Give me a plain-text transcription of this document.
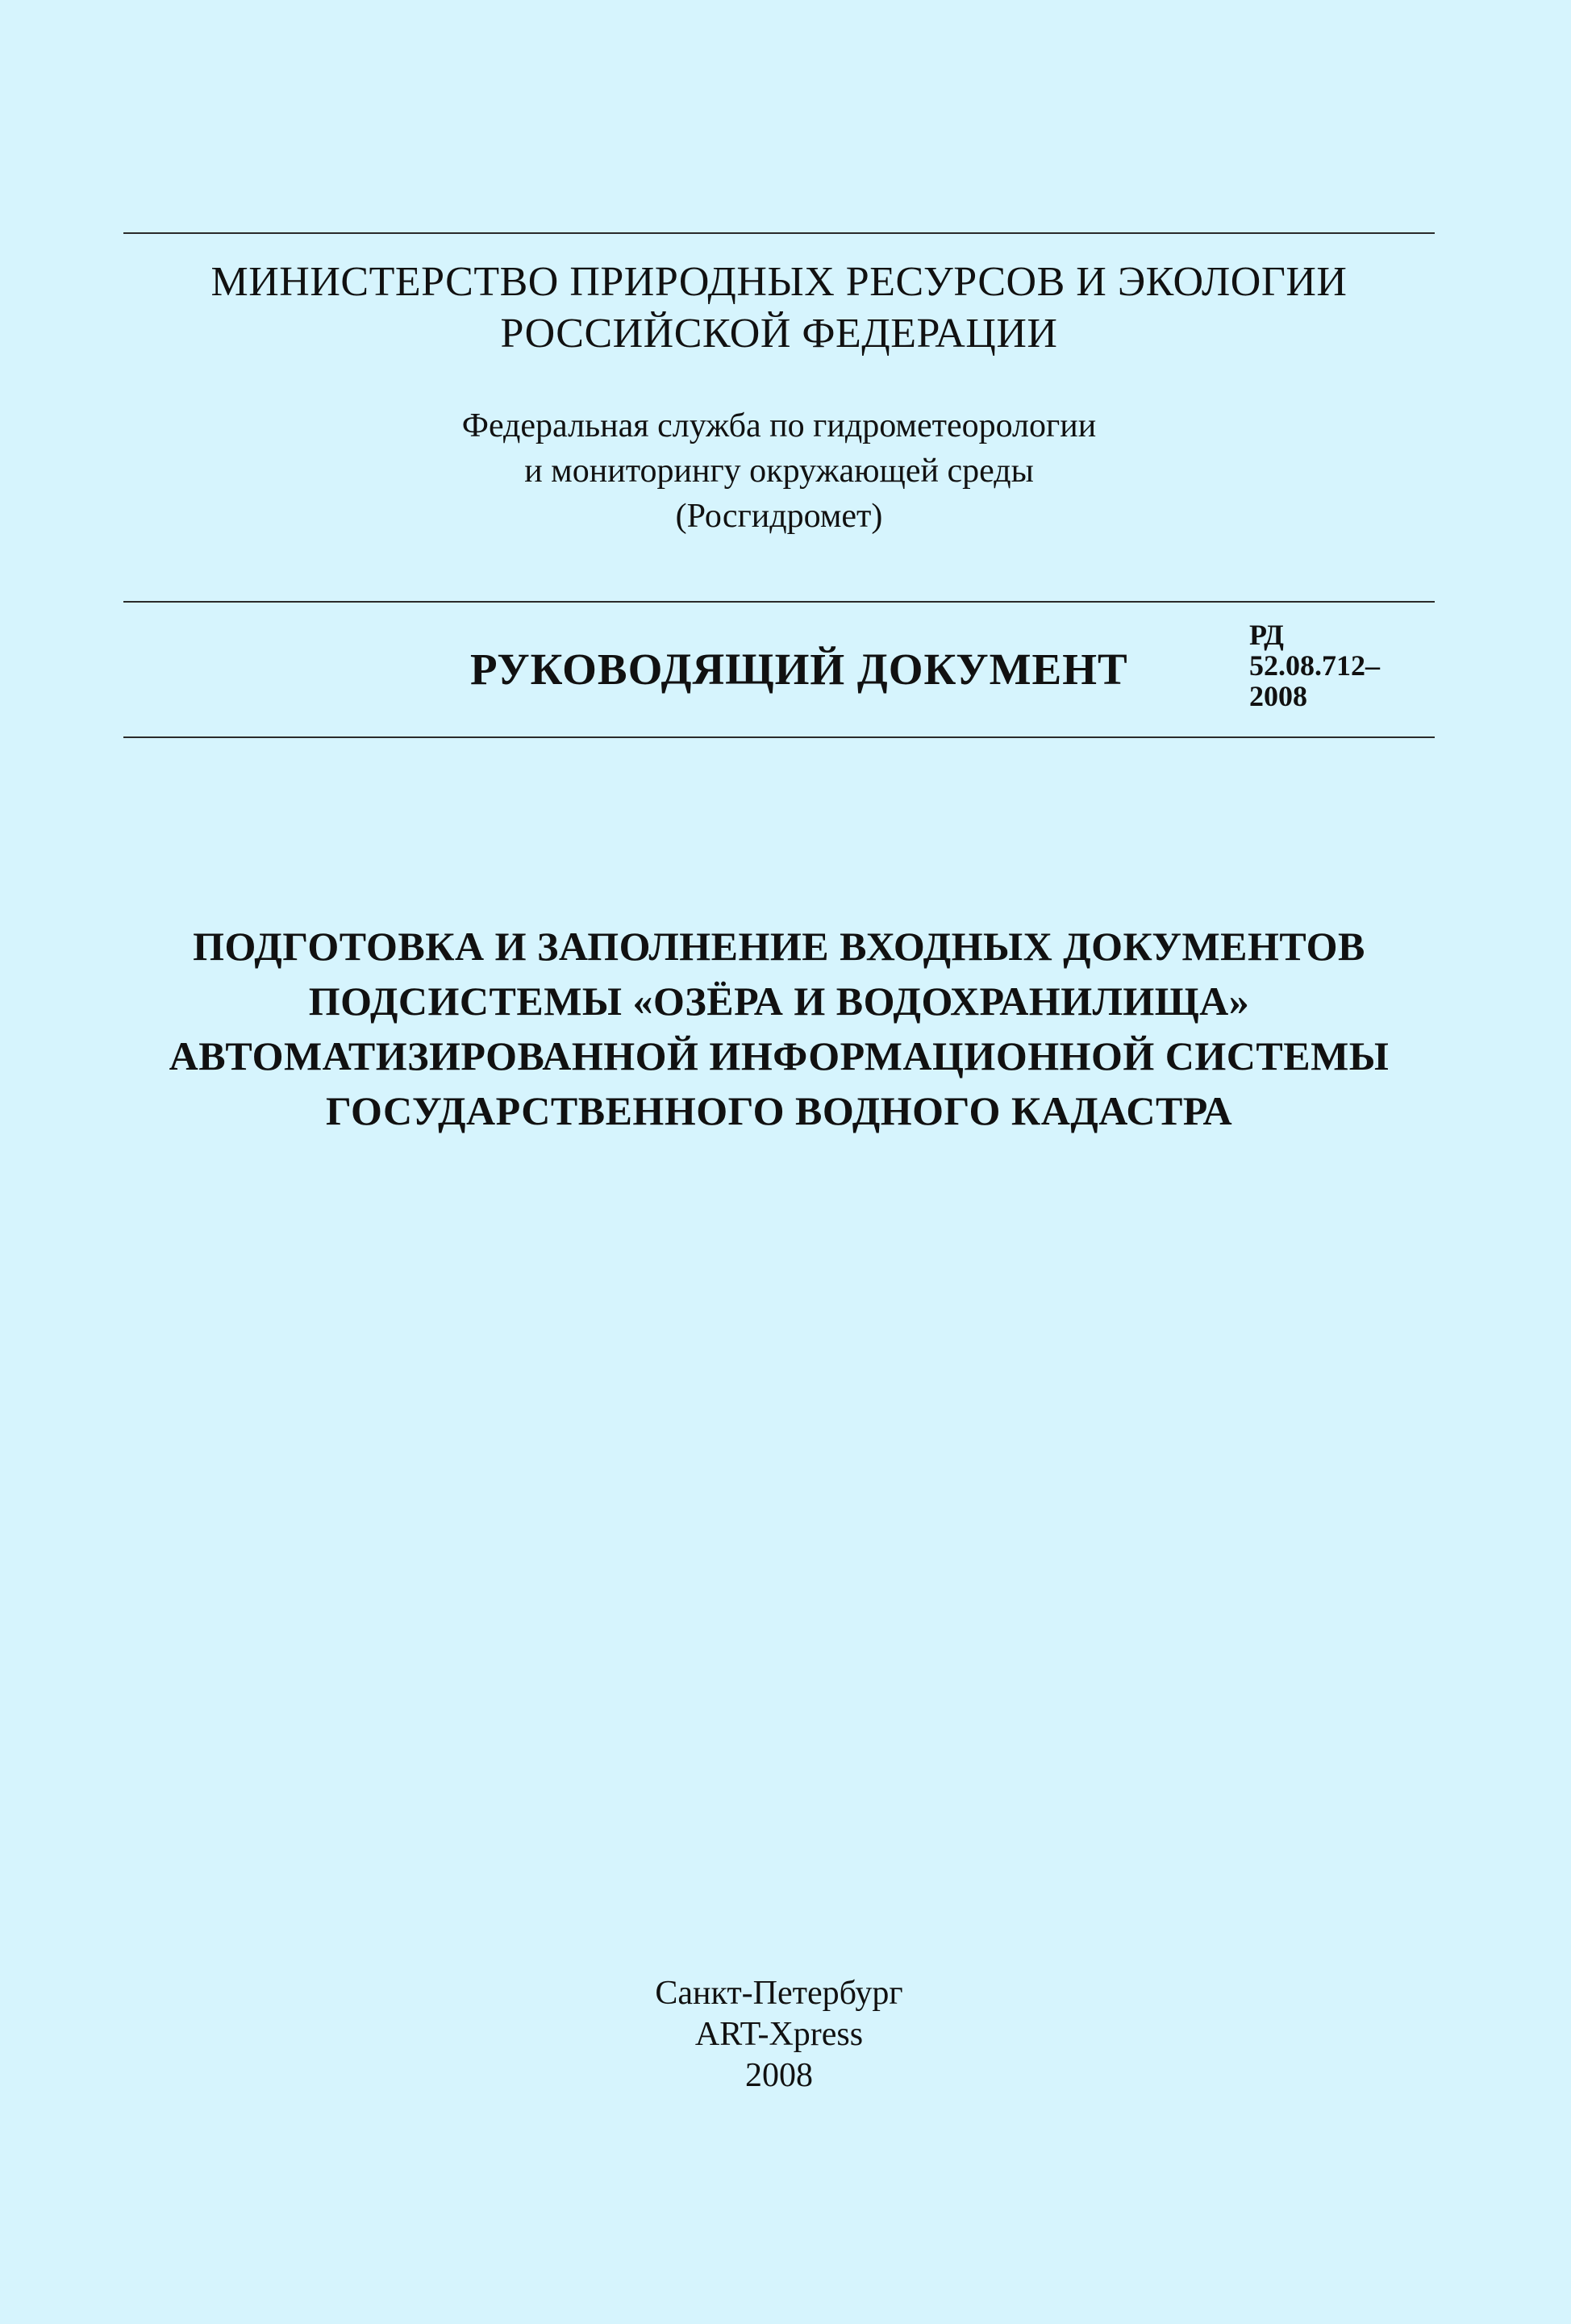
МИНИСТЕРСТВО ПРИРОДНЫХ РЕСУРСОВ И ЭКОЛОГИИ
РОССИЙСКОЙ ФЕДЕРАЦИИ
Федеральная служба по гидрометеорологии
и мониторингу окружающей среды
(Росгидромет)
РУКОВОДЯЩИЙ ДОКУМЕНТ
РД
52.08.712–
2008
ПОДГОТОВКА И ЗАПОЛНЕНИЕ ВХОДНЫХ ДОКУМЕНТОВ
ПОДСИСТЕМЫ «ОЗЁРА И ВОДОХРАНИЛИЩА»
АВТОМАТИЗИРОВАННОЙ ИНФОРМАЦИОННОЙ СИСТЕМЫ
ГОСУДАРСТВЕННОГО ВОДНОГО КАДАСТРА
Санкт-Петербург
ART-Xpress
2008
